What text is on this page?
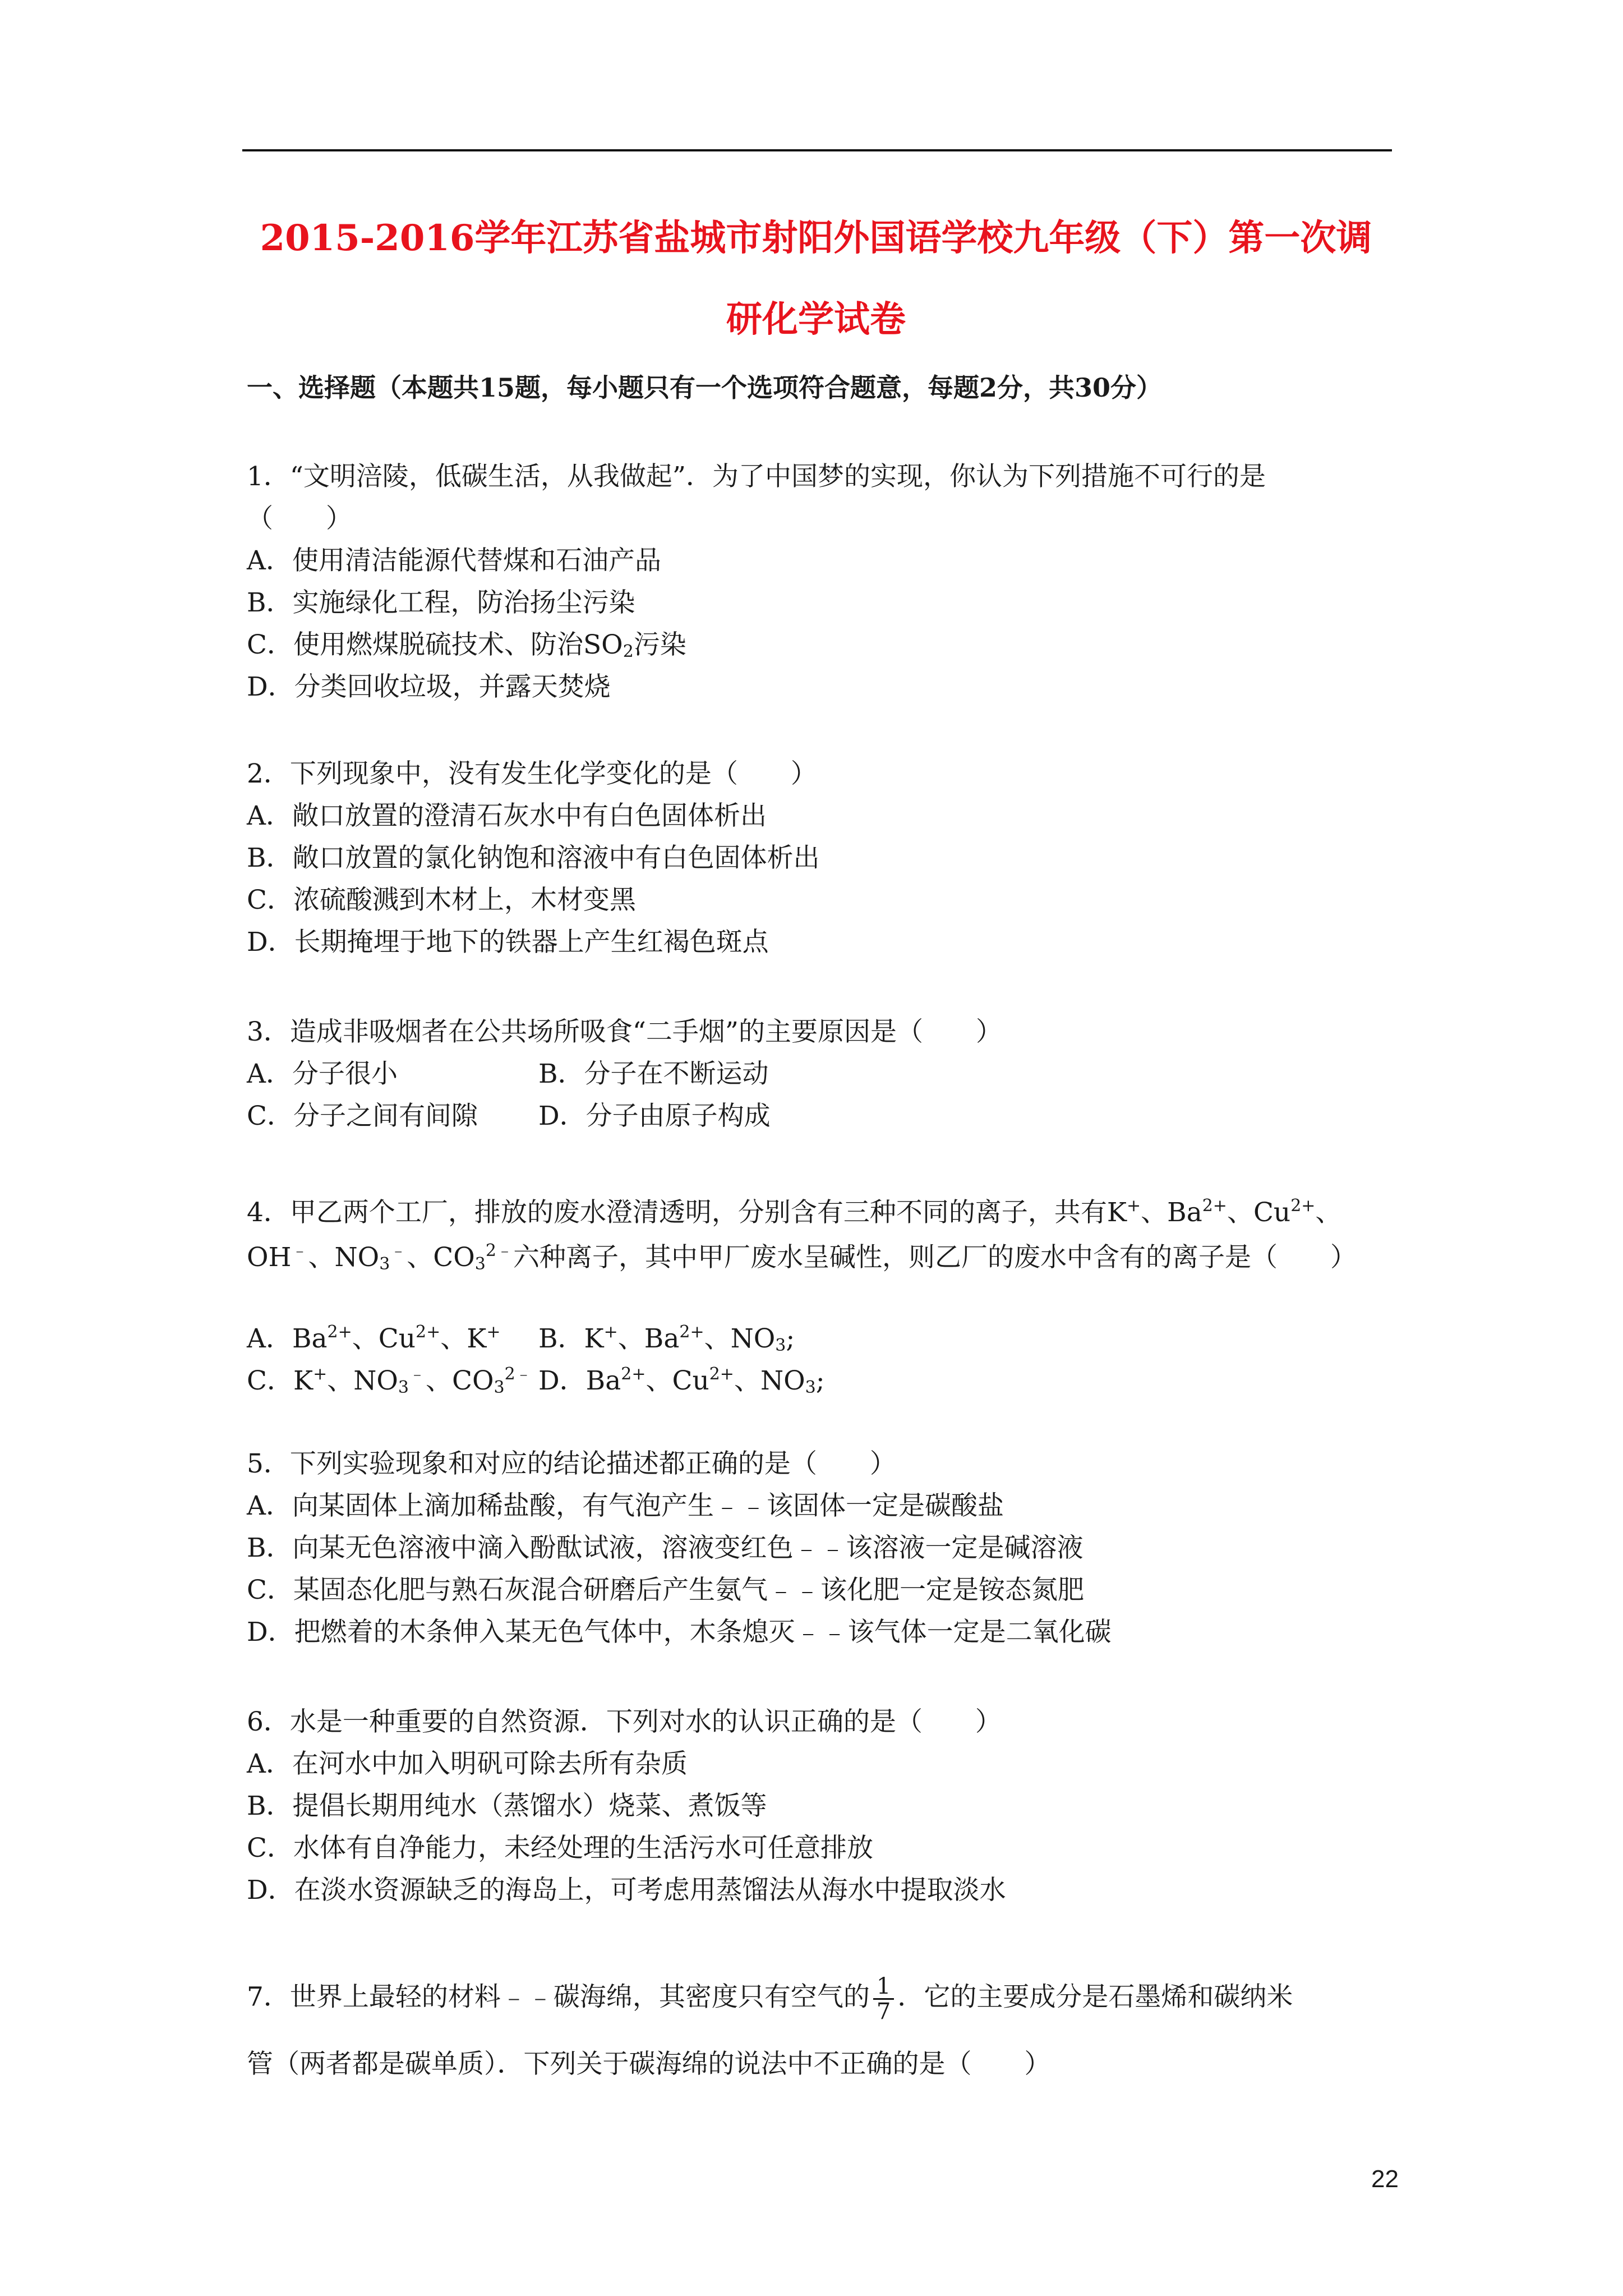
2015-2016学年江苏省盐城市射阳外国语学校九年级（下）第一次调
研化学试卷
一、选择题（本题共15题，每小题只有一个选项符合题意，每题2分，共30分）
1．“文明涪陵，低碳生活，从我做起”．为了中国梦的实现，你认为下列措施不可行的是
（　　）
A．使用清洁能源代替煤和石油产品
B．实施绿化工程，防治扬尘污染
C．使用燃煤脱硫技术、防治$SO_2$污染
D．分类回收垃圾，并露天焚烧
2．下列现象中，没有发生化学变化的是（　　）
A．敞口放置的澄清石灰水中有白色固体析出
B．敞口放置的氯化钠饱和溶液中有白色固体析出
C．浓硫酸溅到木材上，木材变黑
D．长期掩埋于地下的铁器上产生红褐色斑点
3．造成非吸烟者在公共场所吸食“二手烟”的主要原因是（　　）
A．分子很小	B．分子在不断运动
C．分子之间有间隙 D．分子由原子构成
4．甲乙两个工厂，排放的废水澄清透明，分别含有三种不同的离子，共有K+、$Ba^{2+}$、$Cu^{2+}$、
OH﹣、$NO_3^﹣$、$CO_3^{2﹣}$六种离子，其中甲厂废水呈碱性，则乙厂的废水中含有的离子是（　　）
A．$Ba^{2+}$、$Cu^{2+}$、K+ B．K+、$Ba^{2+}$、$NO_3$;
C．K+、$NO_3^﹣$、$CO_3^{2﹣}$ D．$Ba^{2+}$、$Cu^{2+}$、$NO_3$;
5．下列实验现象和对应的结论描述都正确的是（　　）
A．向某固体上滴加稀盐酸，有气泡产生﹣﹣该固体一定是碳酸盐
B．向某无色溶液中滴入酚酞试液，溶液变红色﹣﹣该溶液一定是碱溶液
C．某固态化肥与熟石灰混合研磨后产生氨气﹣﹣该化肥一定是铵态氮肥
D．把燃着的木条伸入某无色气体中，木条熄灭﹣﹣该气体一定是二氧化碳
6．水是一种重要的自然资源．下列对水的认识正确的是（　　）
A．在河水中加入明矾可除去所有杂质
B．提倡长期用纯水（蒸馏水）烧菜、煮饭等
C．水体有自净能力，未经处理的生活污水可任意排放
D．在淡水资源缺乏的海岛上，可考虑用蒸馏法从海水中提取淡水
7．世界上最轻的材料﹣﹣碳海绵，其密度只有空气的 $\frac{1}{7}$ ．它的主要成分是石墨烯和碳纳米
管（两者都是碳单质）．下列关于碳海绵的说法中不正确的是（　　）
22
